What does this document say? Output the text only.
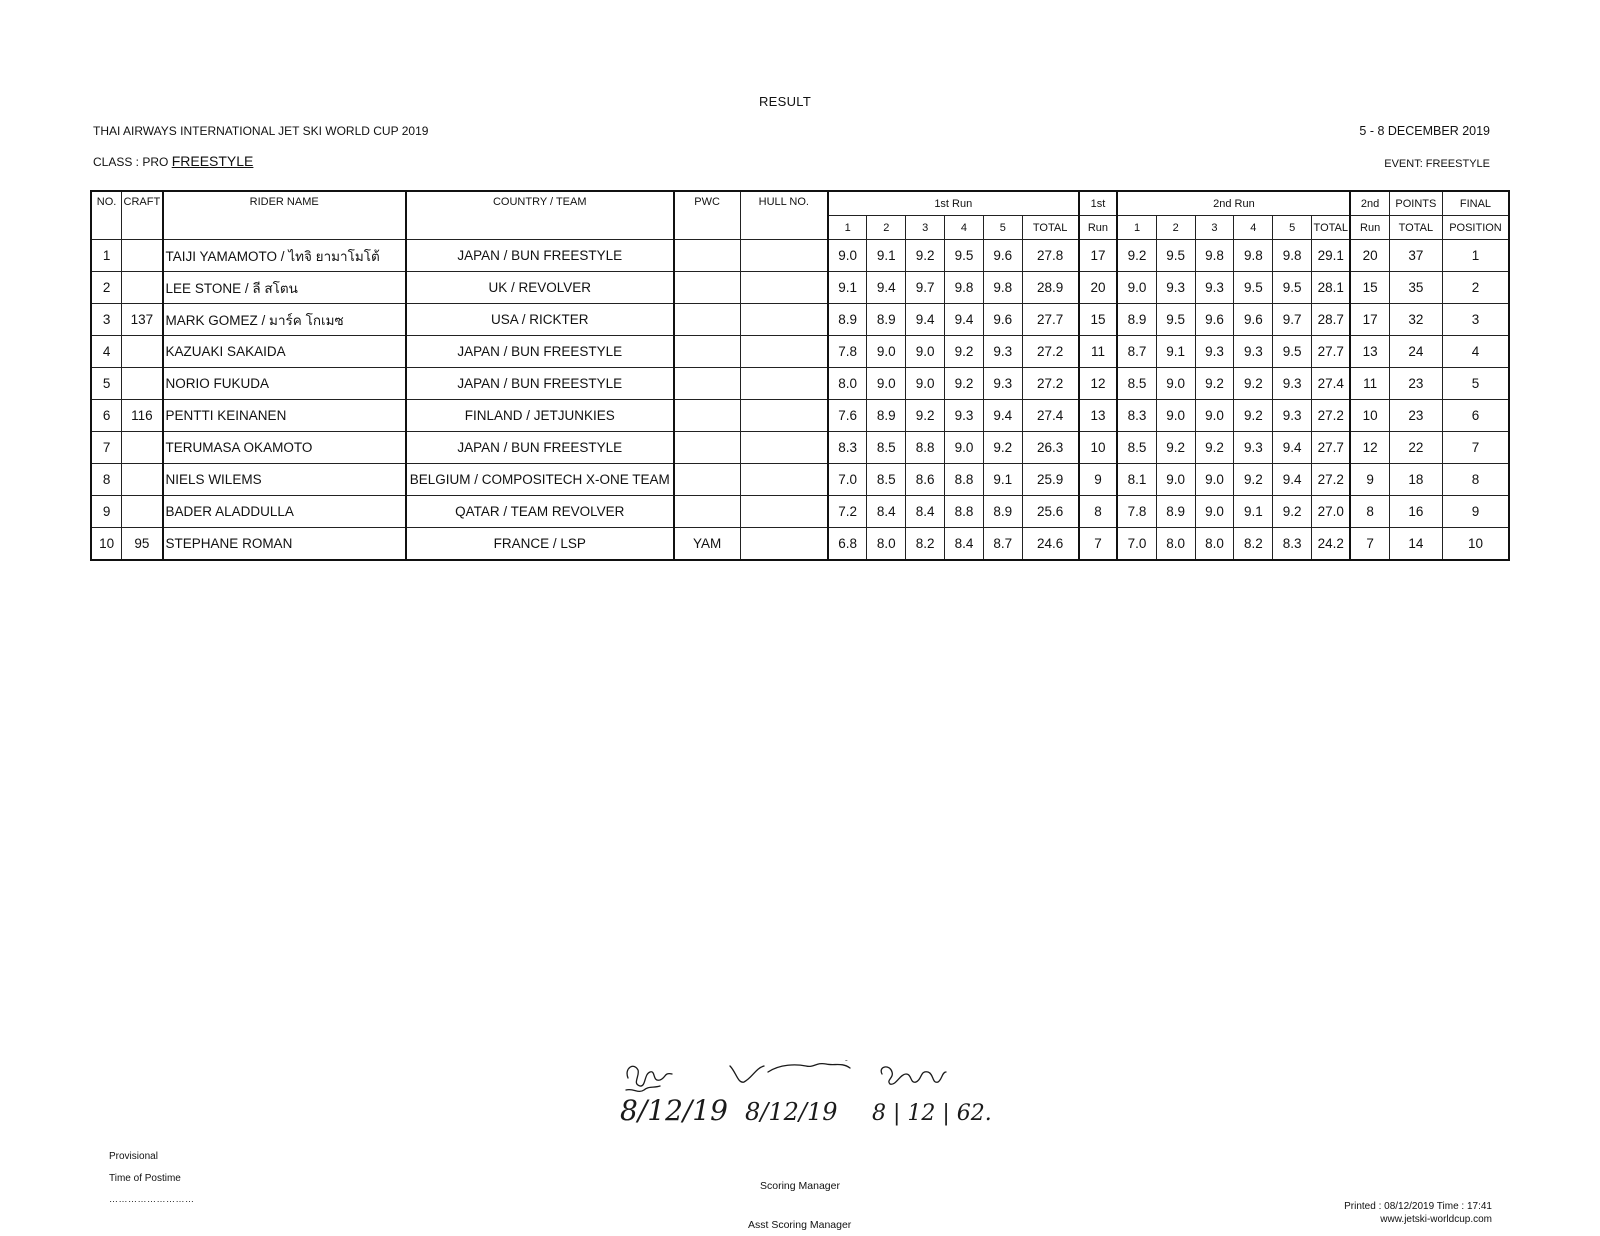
RESULT
THAI AIRWAYS INTERNATIONAL JET SKI WORLD CUP 2019	5 - 8 DECEMBER 2019
CLASS : PRO FREESTYLE	EVENT: FREESTYLE
NO.	CRAFT	RIDER NAME	COUNTRY / TEAM	PWC	HULL NO.	1st Run						1st	2nd Run						2nd	POINTS	FINAL
						1	2	3	4	5	TOTAL	Run	1	2	3	4	5	TOTAL	Run	TOTAL	POSITION
1		TAIJI YAMAMOTO / ไทจิ ยามาโมโต้	JAPAN / BUN FREESTYLE			9.0	9.1	9.2	9.5	9.6	27.8	17	9.2	9.5	9.8	9.8	9.8	29.1	20	37	1
2		LEE STONE / ลี สโตน	UK / REVOLVER			9.1	9.4	9.7	9.8	9.8	28.9	20	9.0	9.3	9.3	9.5	9.5	28.1	15	35	2
3	137	MARK GOMEZ / มาร์ค โกเมซ	USA / RICKTER			8.9	8.9	9.4	9.4	9.6	27.7	15	8.9	9.5	9.6	9.6	9.7	28.7	17	32	3
4		KAZUAKI SAKAIDA	JAPAN / BUN FREESTYLE			7.8	9.0	9.0	9.2	9.3	27.2	11	8.7	9.1	9.3	9.3	9.5	27.7	13	24	4
5		NORIO FUKUDA	JAPAN / BUN FREESTYLE			8.0	9.0	9.0	9.2	9.3	27.2	12	8.5	9.0	9.2	9.2	9.3	27.4	11	23	5
6	116	PENTTI KEINANEN	FINLAND / JETJUNKIES			7.6	8.9	9.2	9.3	9.4	27.4	13	8.3	9.0	9.0	9.2	9.3	27.2	10	23	6
7		TERUMASA OKAMOTO	JAPAN / BUN FREESTYLE			8.3	8.5	8.8	9.0	9.2	26.3	10	8.5	9.2	9.2	9.3	9.4	27.7	12	22	7
8		NIELS WILEMS	BELGIUM / COMPOSITECH X-ONE TEAM			7.0	8.5	8.6	8.8	9.1	25.9	9	8.1	9.0	9.0	9.2	9.4	27.2	9	18	8
9		BADER ALADDULLA	QATAR / TEAM REVOLVER			7.2	8.4	8.4	8.8	8.9	25.6	8	7.8	8.9	9.0	9.1	9.2	27.0	8	16	9
10	95	STEPHANE ROMAN	FRANCE / LSP	YAM		6.8	8.0	8.2	8.4	8.7	24.6	7	7.0	8.0	8.0	8.2	8.3	24.2	7	14	10
8/12/19 8/12/19 8 | 12 | 62.
Provisional
Time of Postime
………………………
Scoring Manager
Asst Scoring Manager
Printed : 08/12/2019 Time : 17:41
www.jetski-worldcup.com
